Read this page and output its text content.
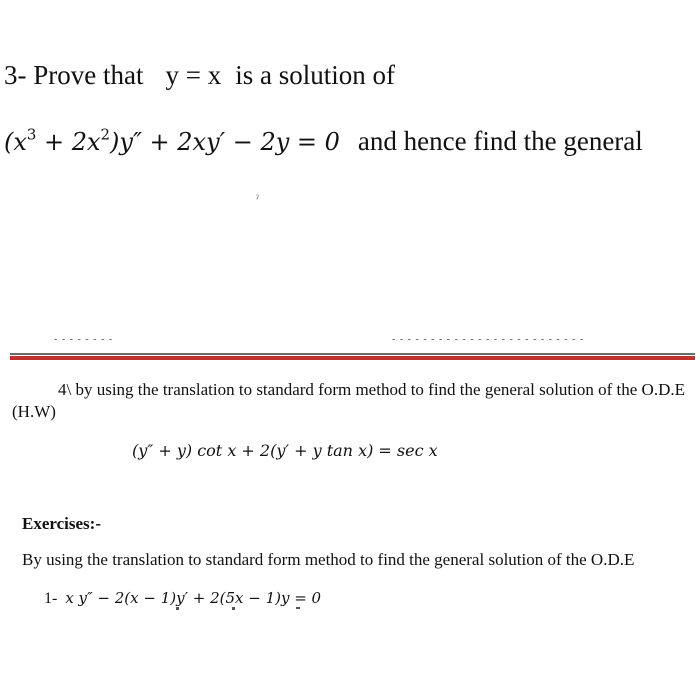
3- Prove that y = x is a solution of
$(x^3 + 2x^2)y'' + 2xy' - 2y = 0$ and hence find the general
ˀ
- - - - - - - -	- - - - - - - - - - - - - - - - - - - - - - - - -
4\ by using the translation to standard form method to find the general solution of the O.D.E
(H.W)
(y″ + y) cot x + 2(y′ + y tan x) = sec x
Exercises:-
By using the translation to standard form method to find the general solution of the O.D.E
1- x y″ − 2(x − 1)y′ + 2(5x − 1)y = 0
